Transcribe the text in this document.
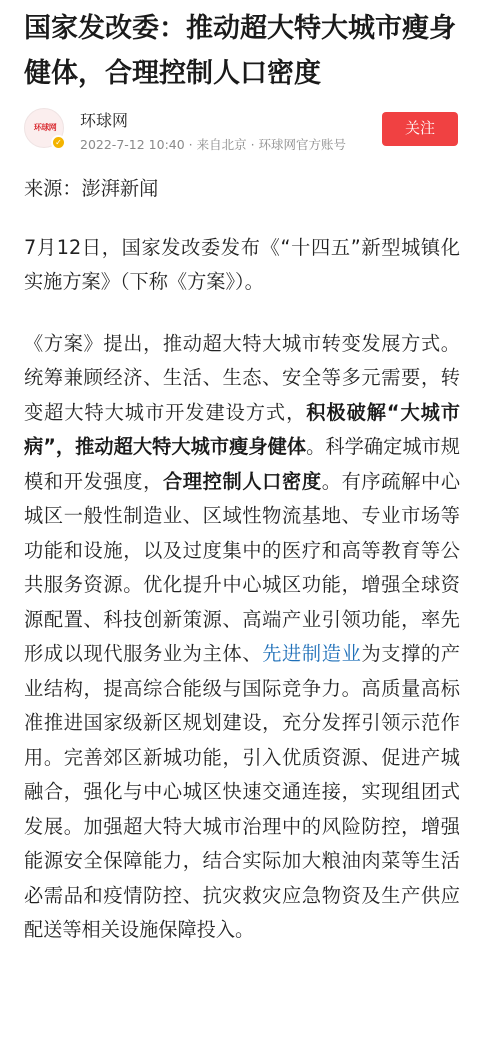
国家发改委：推动超大特大城市瘦身健体，合理控制人口密度
环球网
✓
环球网
2022-7-12 10:40 · 来自北京 · 环球网官方账号
关注

来源：澎湃新闻

7月12日，国家发改委发布《“十四五”新型城镇化实施方案》（下称《方案》）。

《方案》提出，推动超大特大城市转变发展方式。统筹兼顾经济、生活、生态、安全等多元需要，转变超大特大城市开发建设方式，积极破解“大城市病”，推动超大特大城市瘦身健体。科学确定城市规模和开发强度，合理控制人口密度。有序疏解中心城区一般性制造业、区域性物流基地、专业市场等功能和设施，以及过度集中的医疗和高等教育等公共服务资源。优化提升中心城区功能，增强全球资源配置、科技创新策源、高端产业引领功能，率先形成以现代服务业为主体、先进制造业为支撑的产业结构，提高综合能级与国际竞争力。高质量高标准推进国家级新区规划建设，充分发挥引领示范作用。完善郊区新城功能，引入优质资源、促进产城融合，强化与中心城区快速交通连接，实现组团式发展。加强超大特大城市治理中的风险防控，增强能源安全保障能力，结合实际加大粮油肉菜等生活必需品和疫情防控、抗灾救灾应急物资及生产供应配送等相关设施保障投入。
